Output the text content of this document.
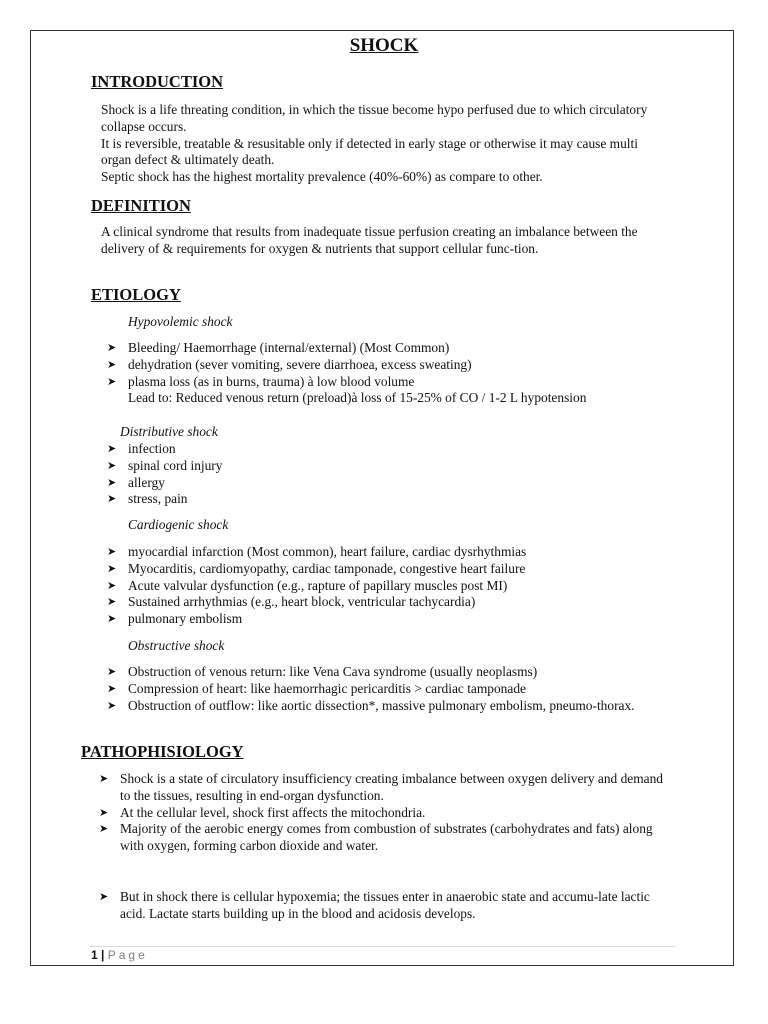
SHOCK
INTRODUCTION

Shock is a life threating condition, in which the tissue become hypo perfused due to which circulatory collapse occurs.

It is reversible, treatable & resusitable only if detected in early stage or otherwise it may cause multi organ defect & ultimately death.

Septic shock has the highest mortality prevalence (40%-60%) as compare to other.

DEFINITION
A clinical syndrome that results from inadequate tissue perfusion creating an imbalance between the delivery of & requirements for oxygen & nutrients that support cellular func-tion.
ETIOLOGY
Hypovolemic shock
➤ Bleeding/ Haemorrhage (internal/external) (Most Common)
➤ dehydration (sever vomiting, severe diarrhoea, excess sweating)
➤ plasma loss (as in burns, trauma) à low blood volume
Lead to: Reduced venous return (preload)à loss of 15-25% of CO / 1-2 L hypotension
Distributive shock
➤ infection
➤ spinal cord injury
➤ allergy
➤ stress, pain
Cardiogenic shock
➤ myocardial infarction (Most common), heart failure, cardiac dysrhythmias
➤ Myocarditis, cardiomyopathy, cardiac tamponade, congestive heart failure
➤ Acute valvular dysfunction (e.g., rapture of papillary muscles post MI)
➤ Sustained arrhythmias (e.g., heart block, ventricular tachycardia)
➤ pulmonary embolism
Obstructive shock
➤ Obstruction of venous return: like Vena Cava syndrome (usually neoplasms)
➤ Compression of heart: like haemorrhagic pericarditis > cardiac tamponade
➤ Obstruction of outflow: like aortic dissection*, massive pulmonary embolism, pneumo-thorax.
PATHOPHISIOLOGY
➤ Shock is a state of circulatory insufficiency creating imbalance between oxygen delivery and demand to the tissues, resulting in end-organ dysfunction.
➤ At the cellular level, shock first affects the mitochondria.
➤ Majority of the aerobic energy comes from combustion of substrates (carbohydrates and fats) along with oxygen, forming carbon dioxide and water.
➤ But in shock there is cellular hypoxemia; the tissues enter in anaerobic state and accumu-late lactic acid. Lactate starts building up in the blood and acidosis develops.
1 | Page
